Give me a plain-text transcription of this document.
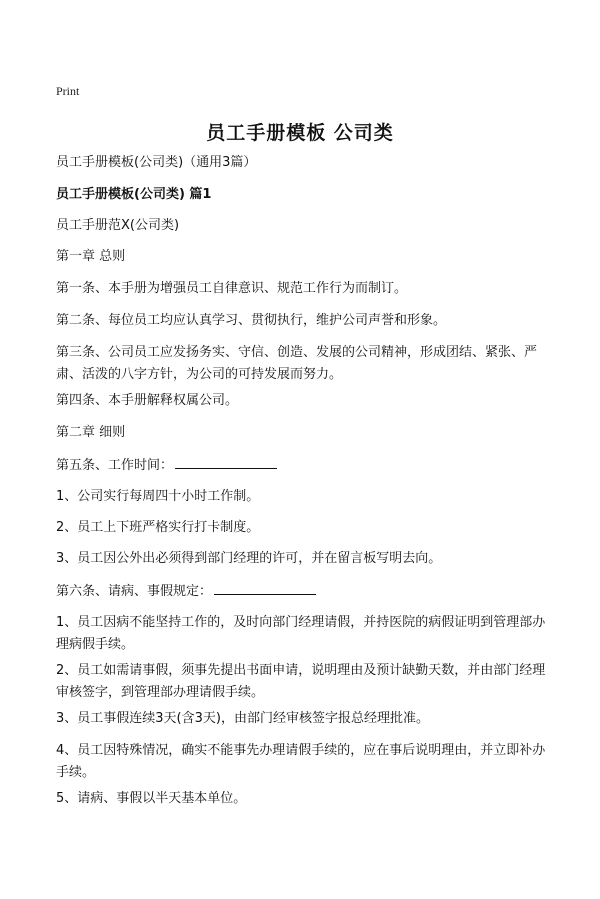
Print
员工手册模板 公司类
员工手册模板(公司类)（通用3篇）
员工手册模板(公司类) 篇1
员工手册范X(公司类)
第一章 总则
第一条、本手册为增强员工自律意识、规范工作行为而制订。
第二条、每位员工均应认真学习、贯彻执行，维护公司声誉和形象。
第三条、公司员工应发扬务实、守信、创造、发展的公司精神，形成团结、紧张、严肃、活泼的八字方针，为公司的可持发展而努力。
第四条、本手册解释权属公司。
第二章 细则
第五条、工作时间：
1、公司实行每周四十小时工作制。
2、员工上下班严格实行打卡制度。
3、员工因公外出必须得到部门经理的许可，并在留言板写明去向。
第六条、请病、事假规定：
1、员工因病不能坚持工作的，及时向部门经理请假，并持医院的病假证明到管理部办理病假手续。
2、员工如需请事假，须事先提出书面申请，说明理由及预计缺勤天数，并由部门经理审核签字，到管理部办理请假手续。
3、员工事假连续3天(含3天)，由部门经审核签字报总经理批准。
4、员工因特殊情况，确实不能事先办理请假手续的，应在事后说明理由，并立即补办手续。
5、请病、事假以半天基本单位。
